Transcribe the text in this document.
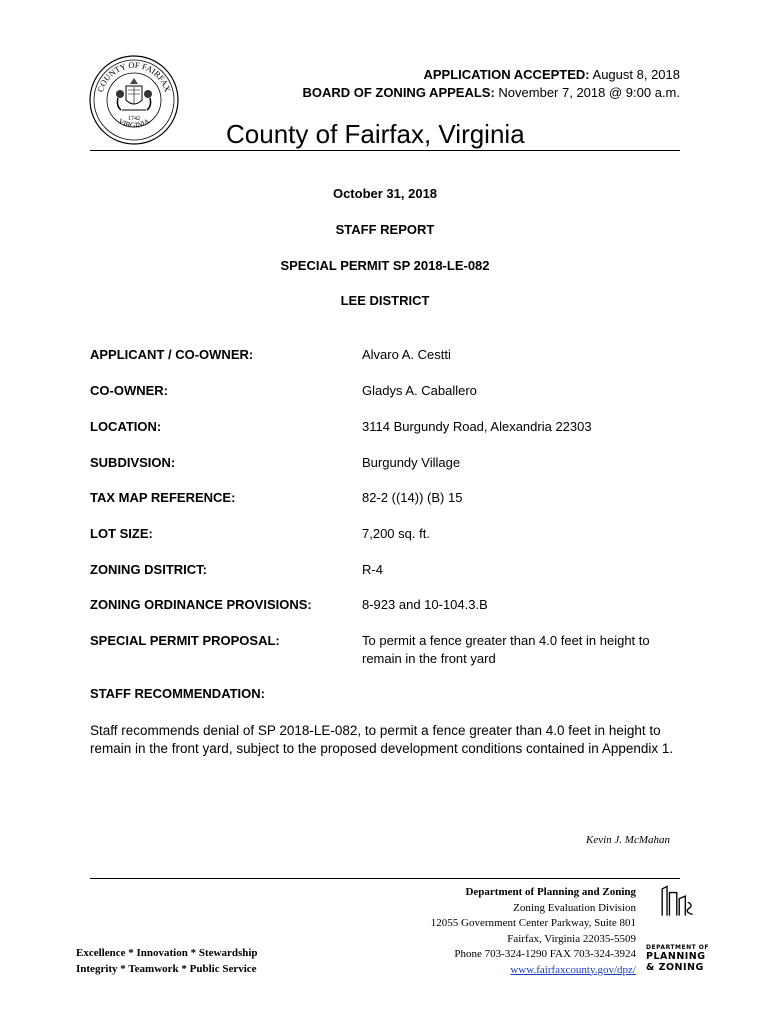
COUNTY OF FAIRFAX
VIRGINIA
1742
APPLICATION ACCEPTED: August 8, 2018
BOARD OF ZONING APPEALS: November 7, 2018 @ 9:00 a.m.
County of Fairfax, Virginia
October 31, 2018
STAFF REPORT
SPECIAL PERMIT SP 2018-LE-082
LEE DISTRICT
APPLICANT / CO-OWNER:	Alvaro A. Cestti
CO-OWNER:	Gladys A. Caballero
LOCATION:	3114 Burgundy Road, Alexandria 22303
SUBDIVSION:	Burgundy Village
TAX MAP REFERENCE:	82-2 ((14)) (B) 15
LOT SIZE:	7,200 sq. ft.
ZONING DSITRICT:	R-4
ZONING ORDINANCE PROVISIONS:	8-923 and 10-104.3.B
SPECIAL PERMIT PROPOSAL:	To permit a fence greater than 4.0 feet in height to remain in the front yard
STAFF RECOMMENDATION:
Staff recommends denial of SP 2018-LE-082, to permit a fence greater than 4.0 feet in height to remain in the front yard, subject to the proposed development conditions contained in Appendix 1.
Kevin J. McMahan
Excellence * Innovation * Stewardship
Integrity * Teamwork * Public Service
Department of Planning and Zoning
Zoning Evaluation Division
12055 Government Center Parkway, Suite 801
Fairfax, Virginia 22035-5509
Phone 703-324-1290 FAX 703-324-3924
www.fairfaxcounty.gov/dpz/
DEPARTMENT OF
PLANNING
& ZONING
